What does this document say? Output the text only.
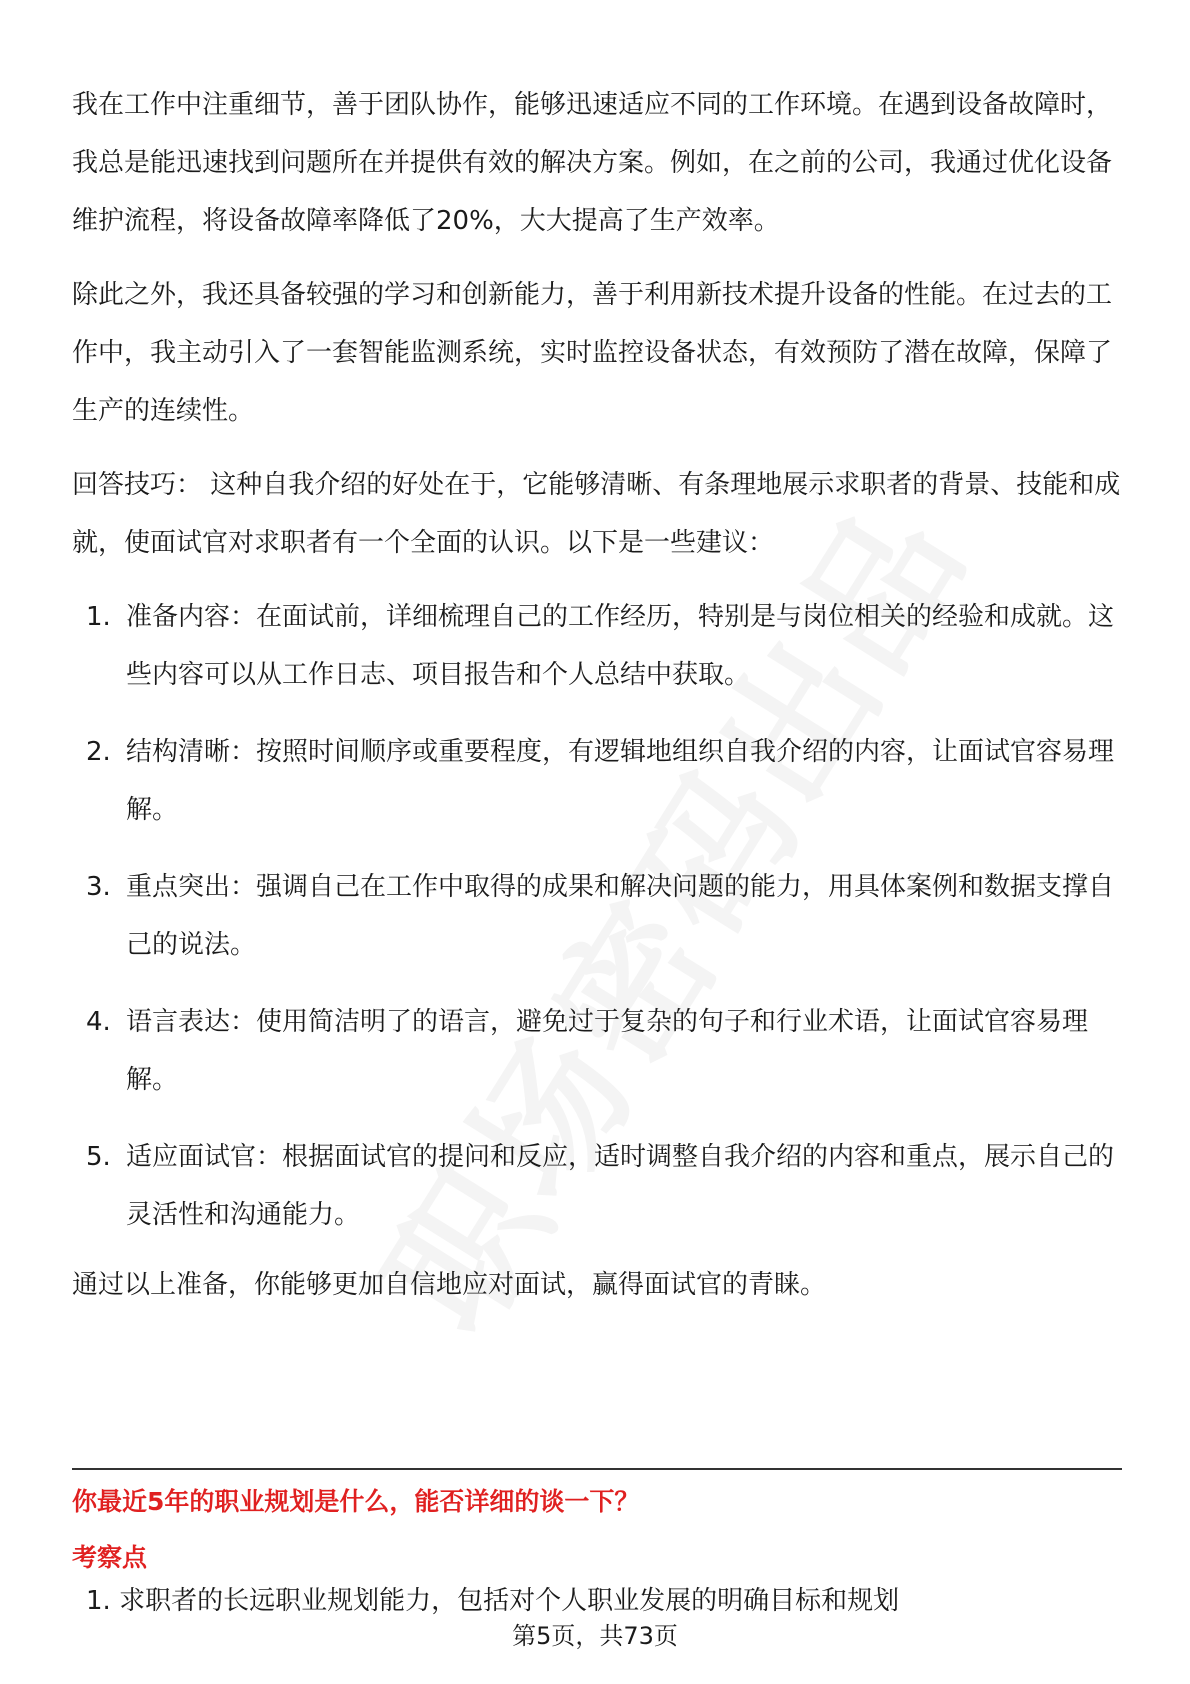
我在工作中注重细节，善于团队协作，能够迅速适应不同的工作环境。在遇到设备故障时，我总是能迅速找到问题所在并提供有效的解决方案。例如，在之前的公司，我通过优化设备维护流程，将设备故障率降低了20%，大大提高了生产效率。

除此之外，我还具备较强的学习和创新能力，善于利用新技术提升设备的性能。在过去的工作中，我主动引入了一套智能监测系统，实时监控设备状态，有效预防了潜在故障，保障了生产的连续性。

回答技巧： 这种自我介绍的好处在于，它能够清晰、有条理地展示求职者的背景、技能和成就，使面试官对求职者有一个全面的认识。以下是一些建议：

1. 准备内容：在面试前，详细梳理自己的工作经历，特别是与岗位相关的经验和成就。这些内容可以从工作日志、项目报告和个人总结中获取。
2. 结构清晰：按照时间顺序或重要程度，有逻辑地组织自我介绍的内容，让面试官容易理解。
3. 重点突出：强调自己在工作中取得的成果和解决问题的能力，用具体案例和数据支撑自己的说法。
4. 语言表达：使用简洁明了的语言，避免过于复杂的句子和行业术语，让面试官容易理解。
5. 适应面试官：根据面试官的提问和反应，适时调整自我介绍的内容和重点，展示自己的灵活性和沟通能力。

通过以上准备，你能够更加自信地应对面试，赢得面试官的青睐。

你最近5年的职业规划是什么，能否详细的谈一下？
考察点
1. 求职者的长远职业规划能力，包括对个人职业发展的明确目标和规划
第5页，共73页
